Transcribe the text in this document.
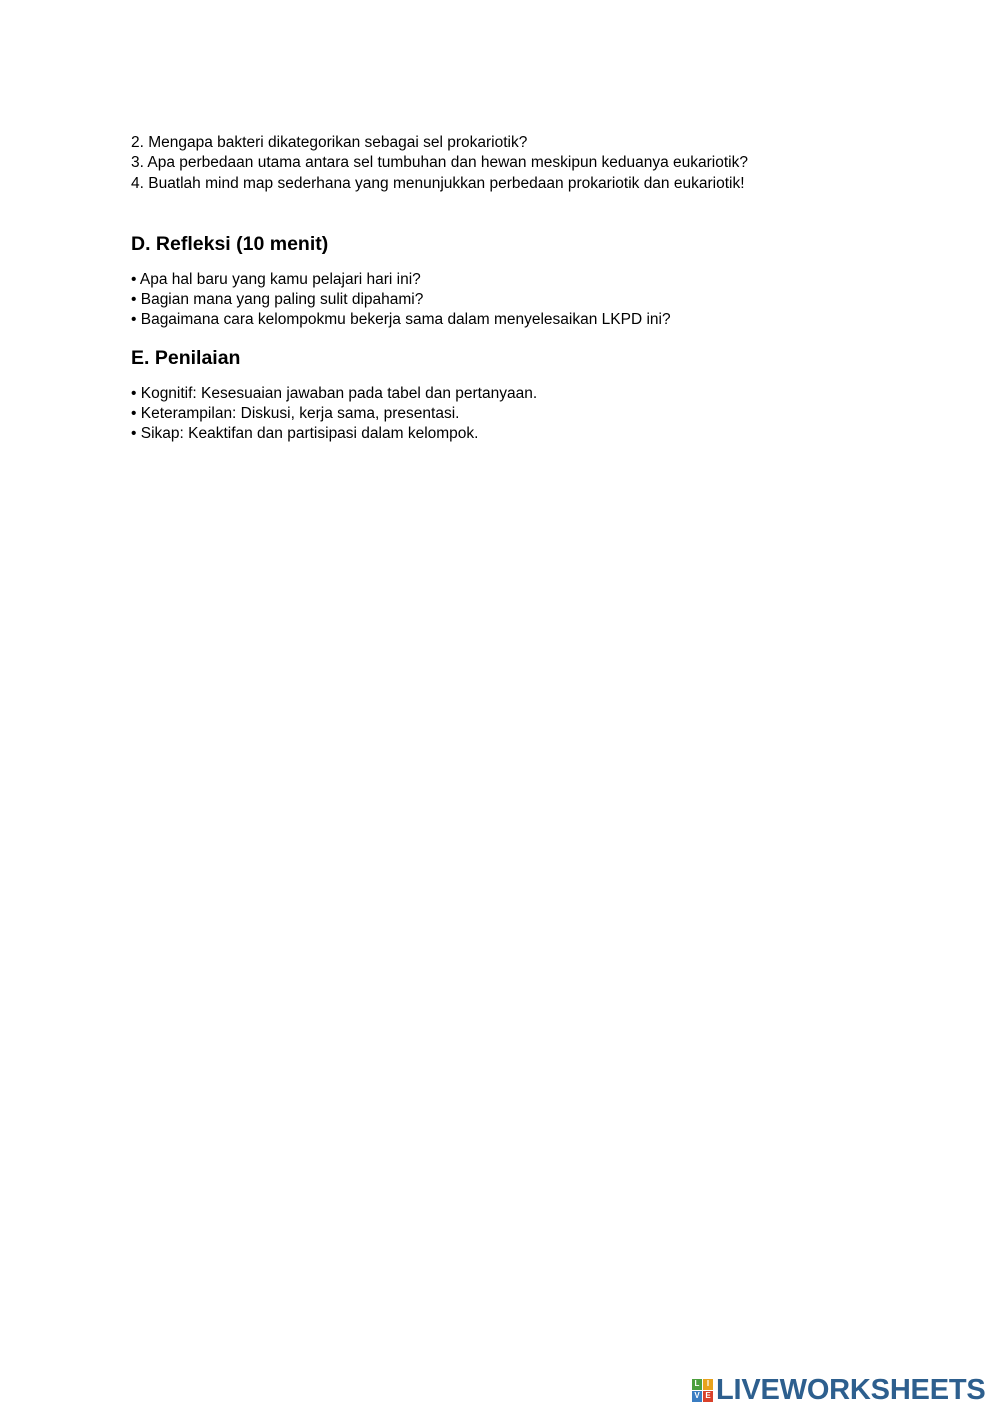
2. Mengapa bakteri dikategorikan sebagai sel prokariotik?
3. Apa perbedaan utama antara sel tumbuhan dan hewan meskipun keduanya eukariotik?
4. Buatlah mind map sederhana yang menunjukkan perbedaan prokariotik dan eukariotik!
D. Refleksi (10 menit)
• Apa hal baru yang kamu pelajari hari ini?
• Bagian mana yang paling sulit dipahami?
• Bagaimana cara kelompokmu bekerja sama dalam menyelesaikan LKPD ini?
E. Penilaian
• Kognitif: Kesesuaian jawaban pada tabel dan pertanyaan.
• Keterampilan: Diskusi, kerja sama, presentasi.
• Sikap: Keaktifan dan partisipasi dalam kelompok.
L I
V E LIVEWORKSHEETS
